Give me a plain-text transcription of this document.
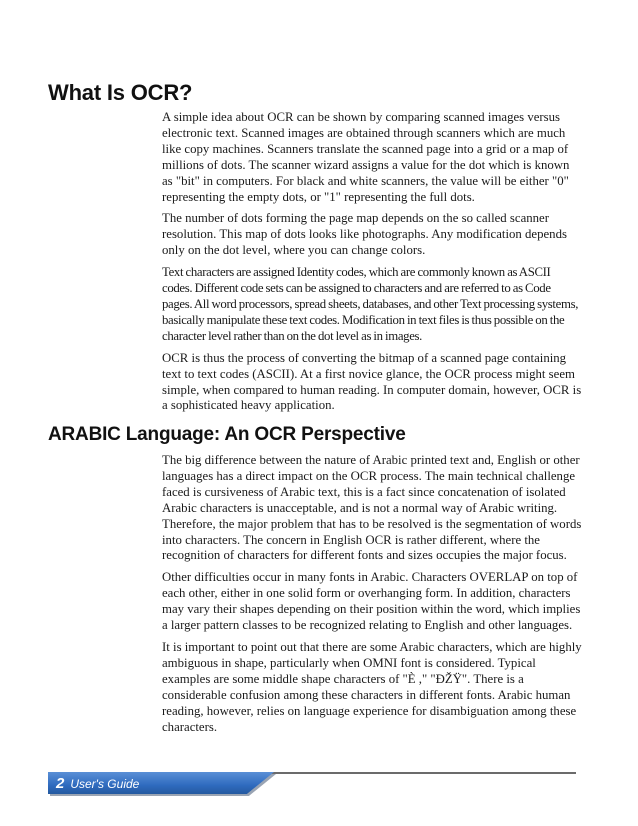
What Is OCR?

A simple idea about OCR can be shown by comparing scanned images versus electronic text. Scanned images are obtained through scanners which are much like copy machines. Scanners translate the scanned page into a grid or a map of millions of dots. The scanner wizard assigns a value for the dot which is known as "bit" in computers. For black and white scanners, the value will be either "0" representing the empty dots, or "1" representing the full dots.

The number of dots forming the page map depends on the so called scanner resolution. This map of dots looks like photographs. Any modification depends only on the dot level, where you can change colors.

Text characters are assigned Identity codes, which are commonly known as ASCII codes. Different code sets can be assigned to characters and are referred to as Code pages. All word processors, spread sheets, databases, and other Text processing systems, basically manipulate these text codes. Modification in text files is thus possible on the character level rather than on the dot level as in images.

OCR is thus the process of converting the bitmap of a scanned page containing text to text codes (ASCII). At a first novice glance, the OCR process might seem simple, when compared to human reading. In computer domain, however, OCR is a sophisticated heavy application.

ARABIC Language: An OCR Perspective

The big difference between the nature of Arabic printed text and, English or other languages has a direct impact on the OCR process. The main technical challenge faced is cursiveness of Arabic text, this is a fact since concatenation of isolated Arabic characters is unacceptable, and is not a normal way of Arabic writing. Therefore, the major problem that has to be resolved is the segmentation of words into characters. The concern in English OCR is rather different, where the recognition of characters for different fonts and sizes occupies the major focus.

Other difficulties occur in many fonts in Arabic. Characters OVERLAP on top of each other, either in one solid form or overhanging form. In addition, characters may vary their shapes depending on their position within the word, which implies a larger pattern classes to be recognized relating to English and other languages.

It is important to point out that there are some Arabic characters, which are highly ambiguous in shape, particularly when OMNI font is considered. Typical examples are some middle shape characters of "È ," "ÐŽŸ". There is a considerable confusion among these characters in different fonts. Arabic human reading, however, relies on language experience for disambiguation among these characters.

2 User's Guide
